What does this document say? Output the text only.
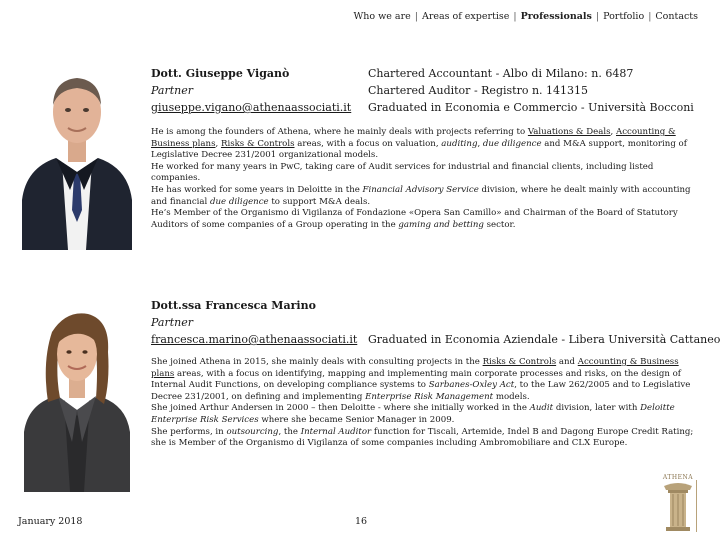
Who we are | Areas of expertise | Professionals | Portfolio | Contacts
Dott. Giuseppe Viganò
Partner
giuseppe.vigano@athenaassociati.it
Chartered Accountant - Albo di Milano: n. 6487
Chartered Auditor - Registro n. 141315
Graduated in Economia e Commercio - Università Bocconi

He is among the founders of Athena, where he mainly deals with projects referring to Valuations & Deals, Accounting & Business plans, Risks & Controls areas, with a focus on valuation, auditing, due diligence and M&A support, monitoring of Legislative Decree 231/2001 organizational models.

He worked for many years in PwC, taking care of Audit services for industrial and financial clients, including listed companies.

He has worked for some years in Deloitte in the Financial Advisory Service division, where he dealt mainly with accounting and financial due diligence to support M&A deals.

He’s Member of the Organismo di Vigilanza of Fondazione «Opera San Camillo» and Chairman of the Board of Statutory Auditors of some companies of a Group operating in the gaming and betting sector.

Dott.ssa Francesca Marino
Partner
francesca.marino@athenaassociati.it Graduated in Economia Aziendale - Libera Università Cattaneo

She joined Athena in 2015, she mainly deals with consulting projects in the Risks & Controls and Accounting & Business plans areas, with a focus on identifying, mapping and implementing main corporate processes and risks, on the design of Internal Audit Functions, on developing compliance systems to Sarbanes-Oxley Act, to the Law 262/2005 and to Legislative Decree 231/2001, on defining and implementing Enterprise Risk Management models.

She joined Arthur Andersen in 2000 – then Deloitte - where she initially worked in the Audit division, later with Deloitte Enterprise Risk Services where she became Senior Manager in 2009.

She performs, in outsourcing, the Internal Auditor function for Tiscali, Artemide, Indel B and Dagong Europe Credit Rating; she is Member of the Organismo di Vigilanza of some companies including Ambromobiliare and CLX Europe.

January 2018	16
ATHENA
